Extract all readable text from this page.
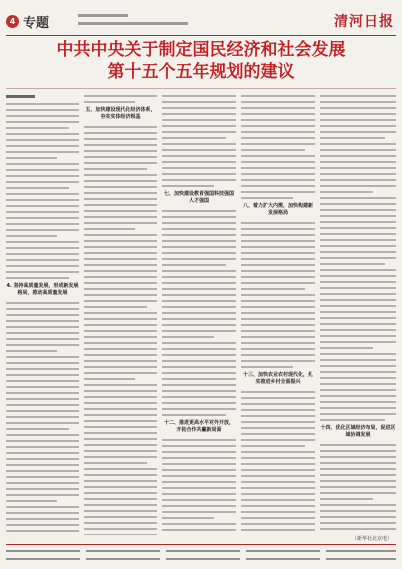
4 专题	清河日报
中共中央关于制定国民经济和社会发展
第十五个五年规划的建议
4. 坚持高质量发展，形成新发展格局，推动高质量发展
五、加快建设现代化经济体系，夯实实体经济根基
七、加快建设教育强国科技强国人才强国
十二、推进更高水平对外开放，开拓合作共赢新局面
八、着力扩大内需，加快构建新发展格局
十三、加快农业农村现代化，扎实推进乡村全面振兴
十四、优化区域经济布局，促进区域协调发展
（新华社北京电）
